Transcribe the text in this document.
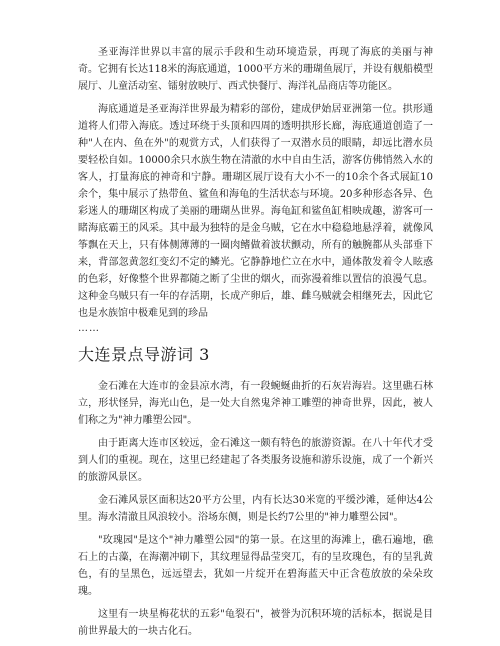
圣亚海洋世界以丰富的展示手段和生动环境造景，再现了海底的美丽与神奇。它拥有长达118米的海底通道，1000平方米的珊瑚鱼展厅，并设有舰船模型展厅、儿童活动室、镭射放映厅、西式快餐厅、海洋礼品商店等功能区。

海底通道是圣亚海洋世界最为精彩的部份，建成伊始居亚洲第一位。拱形通道将人们带入海底。透过环绕于头顶和四周的透明拱形长廊，海底通道创造了一种"人在内、鱼在外"的观赏方式，人们获得了一双潜水员的眼睛，却远比潜水员要轻松自如。10000余只水族生物在清澈的水中自由生活，游客仿佛悄然入水的客人，打量海底的神奇和宁静。珊瑚区展厅设有大小不一的10余个各式展缸10余个，集中展示了热带鱼、鲨鱼和海龟的生活状态与环境。20多种形态各异、色彩迷人的珊瑚区构成了美丽的珊瑚丛世界。海龟缸和鲨鱼缸相映成趣，游客可一睹海底霸王的风采。其中最为独特的是金乌贼，它在水中稳稳地悬浮着，就像风筝飘在天上，只有体侧薄薄的一圈肉鳍做着波状颤动，所有的触腕都从头部垂下来，背部忽黄忽红变幻不定的鳞光。它静静地伫立在水中，通体散发着令人眩惑的色彩，好像整个世界都随之断了尘世的烟火，而弥漫着维以置信的浪漫气息。这种金乌贼只有一年的存活期，长成产卵后，雄、雌乌贼就会相继死去，因此它也是水族馆中极难见到的珍品

……
大连景点导游词 3

金石滩在大连市的金县凉水湾，有一段蜿蜒曲折的石灰岩海岩。这里礁石林立，形状怪异，海光山色，是一处大自然鬼斧神工雕塑的神奇世界，因此，被人们称之为"神力雕塑公园"。

由于距离大连市区较远，金石滩这一颇有特色的旅游资源。在八十年代才受到人们的重视。现在，这里已经建起了各类服务设施和游乐设施，成了一个新兴的旅游风景区。

金石滩风景区面积达20平方公里，内有长达30米宽的平缓沙滩，延伸达4公里。海水清澈且风浪较小。浴场东侧，则是长约7公里的"神力雕塑公园"。

"玫瑰园"是这个"神力雕塑公园"的第一景。在这里的海滩上，礁石遍地，礁石上的古藻，在海潮冲刷下，其纹理显得晶莹突兀，有的呈玫瑰色，有的呈乳黄色，有的呈黑色，远远望去，犹如一片绽开在碧海蓝天中正含苞放放的朵朵玫瑰。

这里有一块星梅花状的五彩"龟裂石"，被誉为沉积环境的活标本，据说是目前世界最大的一块古化石。
